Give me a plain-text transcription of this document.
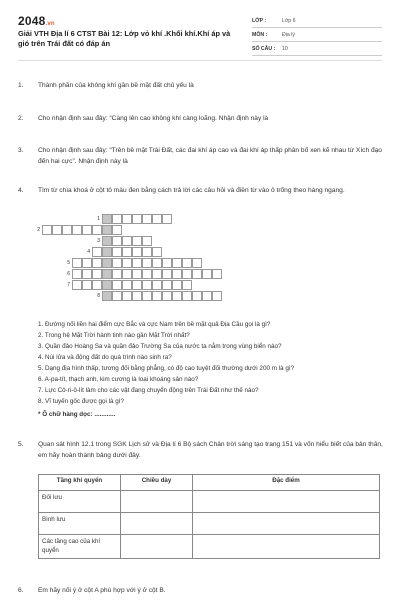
2048.vn
Giải VTH Địa lí 6 CTST Bài 12: Lớp vỏ khí .Khối khí.Khí áp và gió trên Trái đất có đáp án
LỚP :	Lớp 6
MÔN :	Địa lý
SỐ CÂU :	10
1. Thành phần của không khí gần bề mặt đất chủ yếu là
2. Cho nhận định sau đây: “Càng lên cao không khí càng loãng. Nhận định này là
3. Cho nhận định sau đây: “Trên bề mặt Trái Đất, các đai khí áp cao và đai khí áp thấp phân bố xen kẽ nhau từ Xích đạo đến hai cực”. Nhận định này là
4. Tìm từ chìa khoá ở cột tô màu đen bằng cách trả lời các câu hỏi và điền từ vào ô trống theo hàng ngang.
1
2
3
4
5
6
7
8
1. Đường nối liền hai điểm cực Bắc và cực Nam trên bề mặt quả Địa Cầu gọi là gì?
2. Trong hệ Mặt Trời hành tinh nào gần Mặt Trời nhất?
3. Quần đảo Hoàng Sa và quần đảo Trường Sa của nước ta nằm trong vùng biển nào?
4. Núi lửa và động đất do quá trình nào sinh ra?
5. Dạng địa hình thấp, tương đối bằng phẳng, có độ cao tuyệt đối thường dưới 200 m là gì?
6. A-pa-tít, thạch anh, kim cương là loại khoáng sản nào?
7. Lực Cô-ri-ô-lít làm cho các vật đang chuyển động trên Trái Đất như thế nào?
8. Vĩ tuyến gốc được gọi là gì?
* Ô chữ hàng dọc: ............
5. Quan sát hình 12.1 trong SGK Lịch sử và Địa lí 6 Bộ sách Chân trời sáng tạo trang 151 và vốn hiểu biết của bản thân, em hãy hoàn thành bảng dưới đây.
Tầng khí quyển	Chiều dày	Đặc điểm
Đối lưu		
Bình lưu		
Các tầng cao của khí quyển		
6. Em hãy nối ý ở cột A phù hợp với ý ở cột B.
